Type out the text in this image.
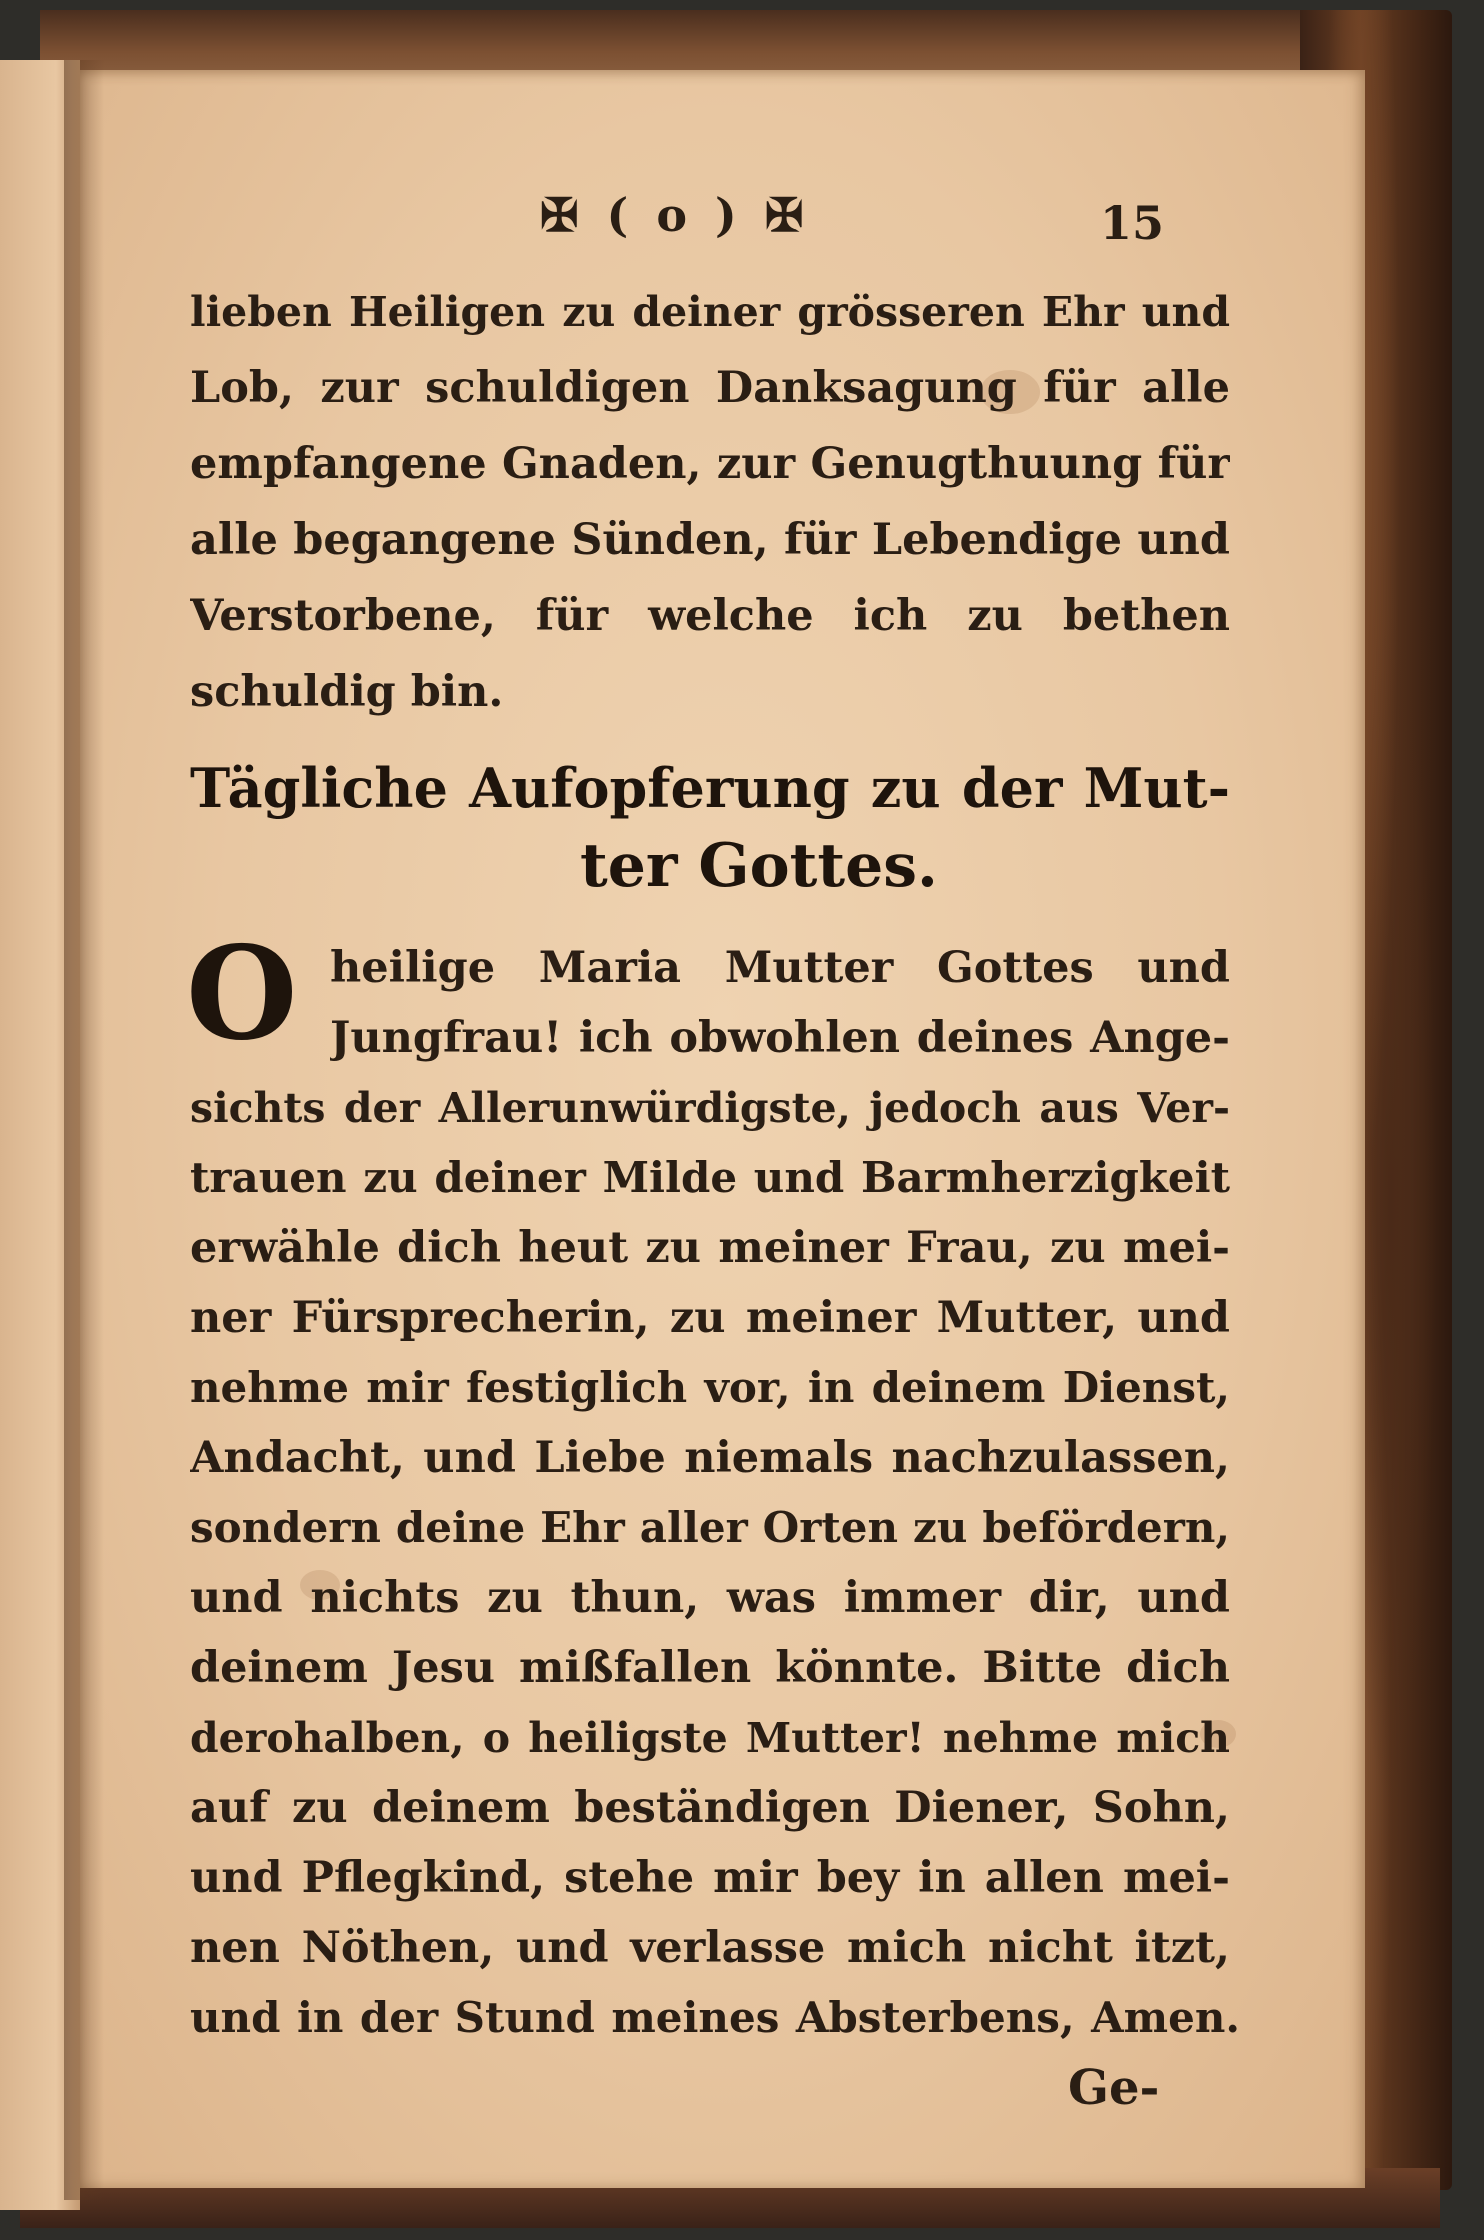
✠ ( o ) ✠	15
lieben Heiligen zu deiner grösseren Ehr und
Lob, zur schuldigen Danksagung für alle
empfangene Gnaden, zur Genugthuung für
alle begangene Sünden, für Lebendige und
Verstorbene, für welche ich zu bethen
schuldig bin.
Tägliche Aufopferung zu der Mut-
ter Gottes.
O heilige Maria Mutter Gottes und
Jungfrau! ich obwohlen deines Ange-
sichts der Allerunwürdigste, jedoch aus Ver-
trauen zu deiner Milde und Barmherzigkeit
erwähle dich heut zu meiner Frau, zu mei-
ner Fürsprecherin, zu meiner Mutter, und
nehme mir festiglich vor, in deinem Dienst,
Andacht, und Liebe niemals nachzulassen,
sondern deine Ehr aller Orten zu befördern,
und nichts zu thun, was immer dir, und
deinem Jesu mißfallen könnte. Bitte dich
derohalben, o heiligste Mutter! nehme mich
auf zu deinem beständigen Diener, Sohn,
und Pflegkind, stehe mir bey in allen mei-
nen Nöthen, und verlasse mich nicht itzt,
und in der Stund meines Absterbens, Amen.
Ge-
